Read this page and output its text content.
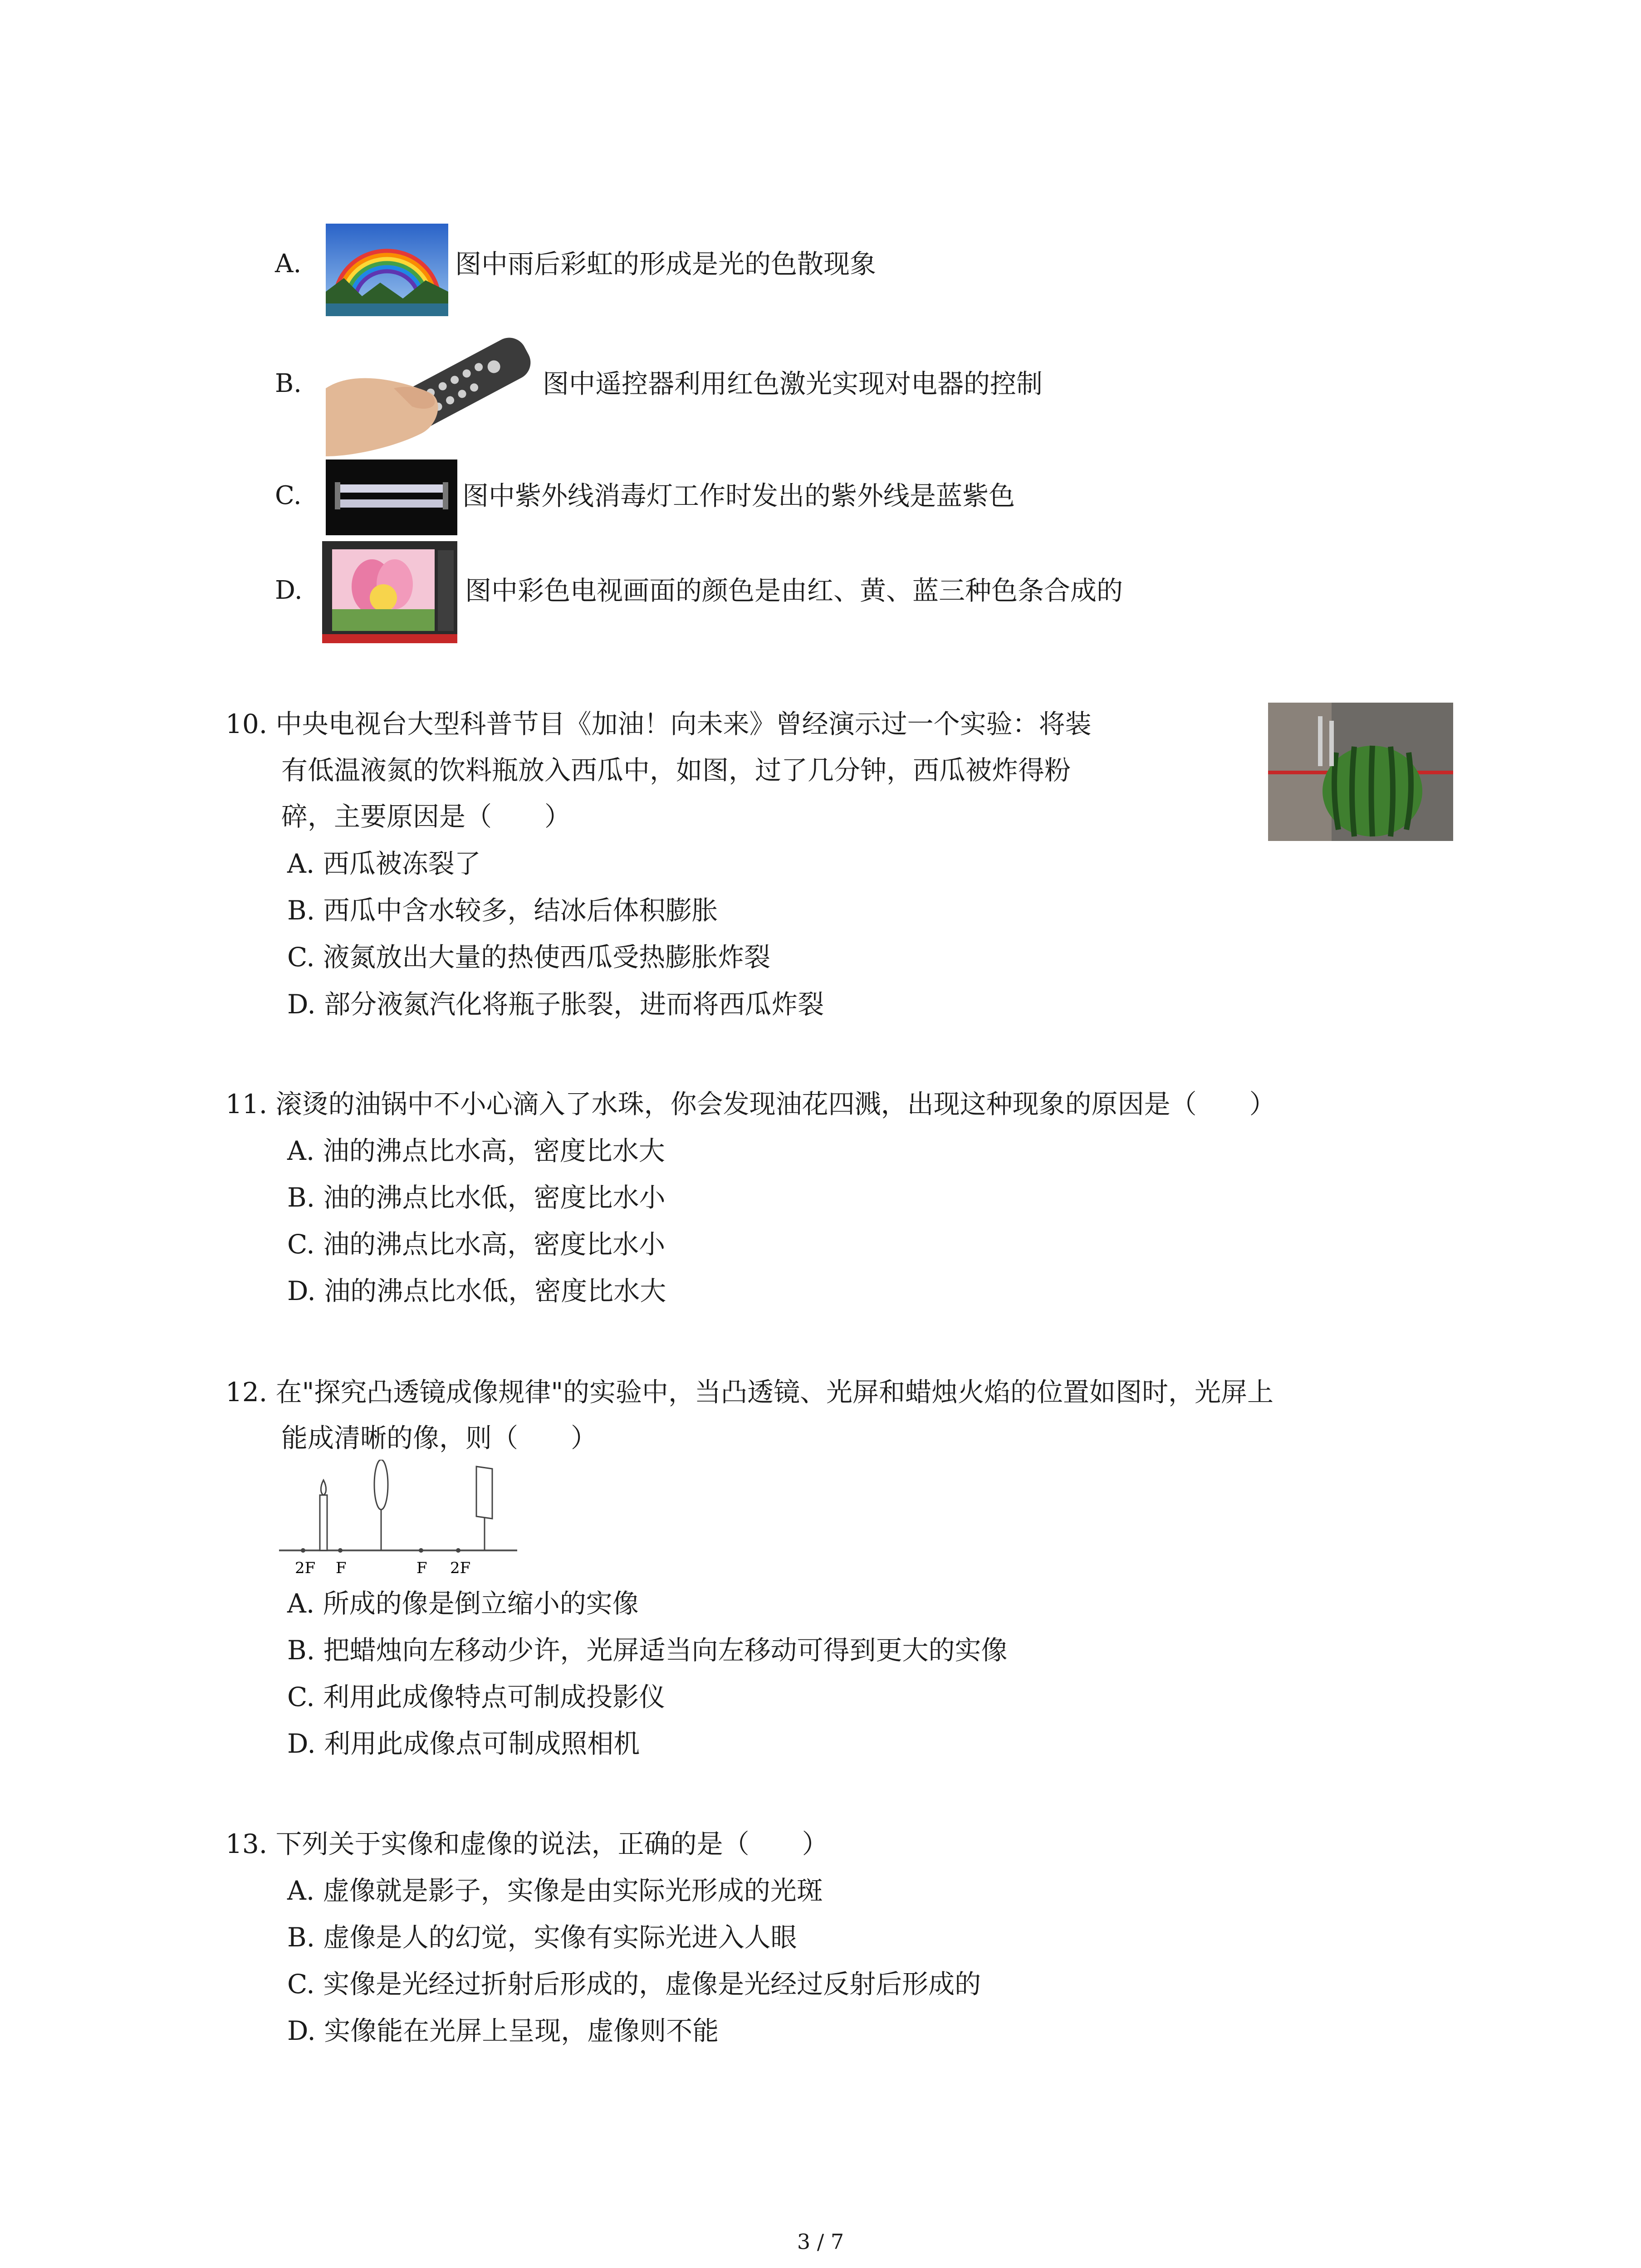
A.	图中雨后彩虹的形成是光的色散现象
B.	图中遥控器利用红色激光实现对电器的控制
C.	图中紫外线消毒灯工作时发出的紫外线是蓝紫色
D.	图中彩色电视画面的颜色是由红、黄、蓝三种色条合成的
10. 中央电视台大型科普节目《加油！向未来》曾经演示过一个实验：将装
有低温液氮的饮料瓶放入西瓜中，如图，过了几分钟，西瓜被炸得粉
碎，主要原因是（　　）
A. 西瓜被冻裂了
B. 西瓜中含水较多，结冰后体积膨胀
C. 液氮放出大量的热使西瓜受热膨胀炸裂
D. 部分液氮汽化将瓶子胀裂，进而将西瓜炸裂
11. 滚烫的油锅中不小心滴入了水珠，你会发现油花四溅，出现这种现象的原因是（　　）
A. 油的沸点比水高，密度比水大
B. 油的沸点比水低，密度比水小
C. 油的沸点比水高，密度比水小
D. 油的沸点比水低，密度比水大
12. 在"探究凸透镜成像规律"的实验中，当凸透镜、光屏和蜡烛火焰的位置如图时，光屏上
能成清晰的像，则（　　）
2F F	F 2F
A. 所成的像是倒立缩小的实像
B. 把蜡烛向左移动少许，光屏适当向左移动可得到更大的实像
C. 利用此成像特点可制成投影仪
D. 利用此成像点可制成照相机
13. 下列关于实像和虚像的说法，正确的是（　　）
A. 虚像就是影子，实像是由实际光形成的光斑
B. 虚像是人的幻觉，实像有实际光进入人眼
C. 实像是光经过折射后形成的，虚像是光经过反射后形成的
D. 实像能在光屏上呈现，虚像则不能
3 / 7
